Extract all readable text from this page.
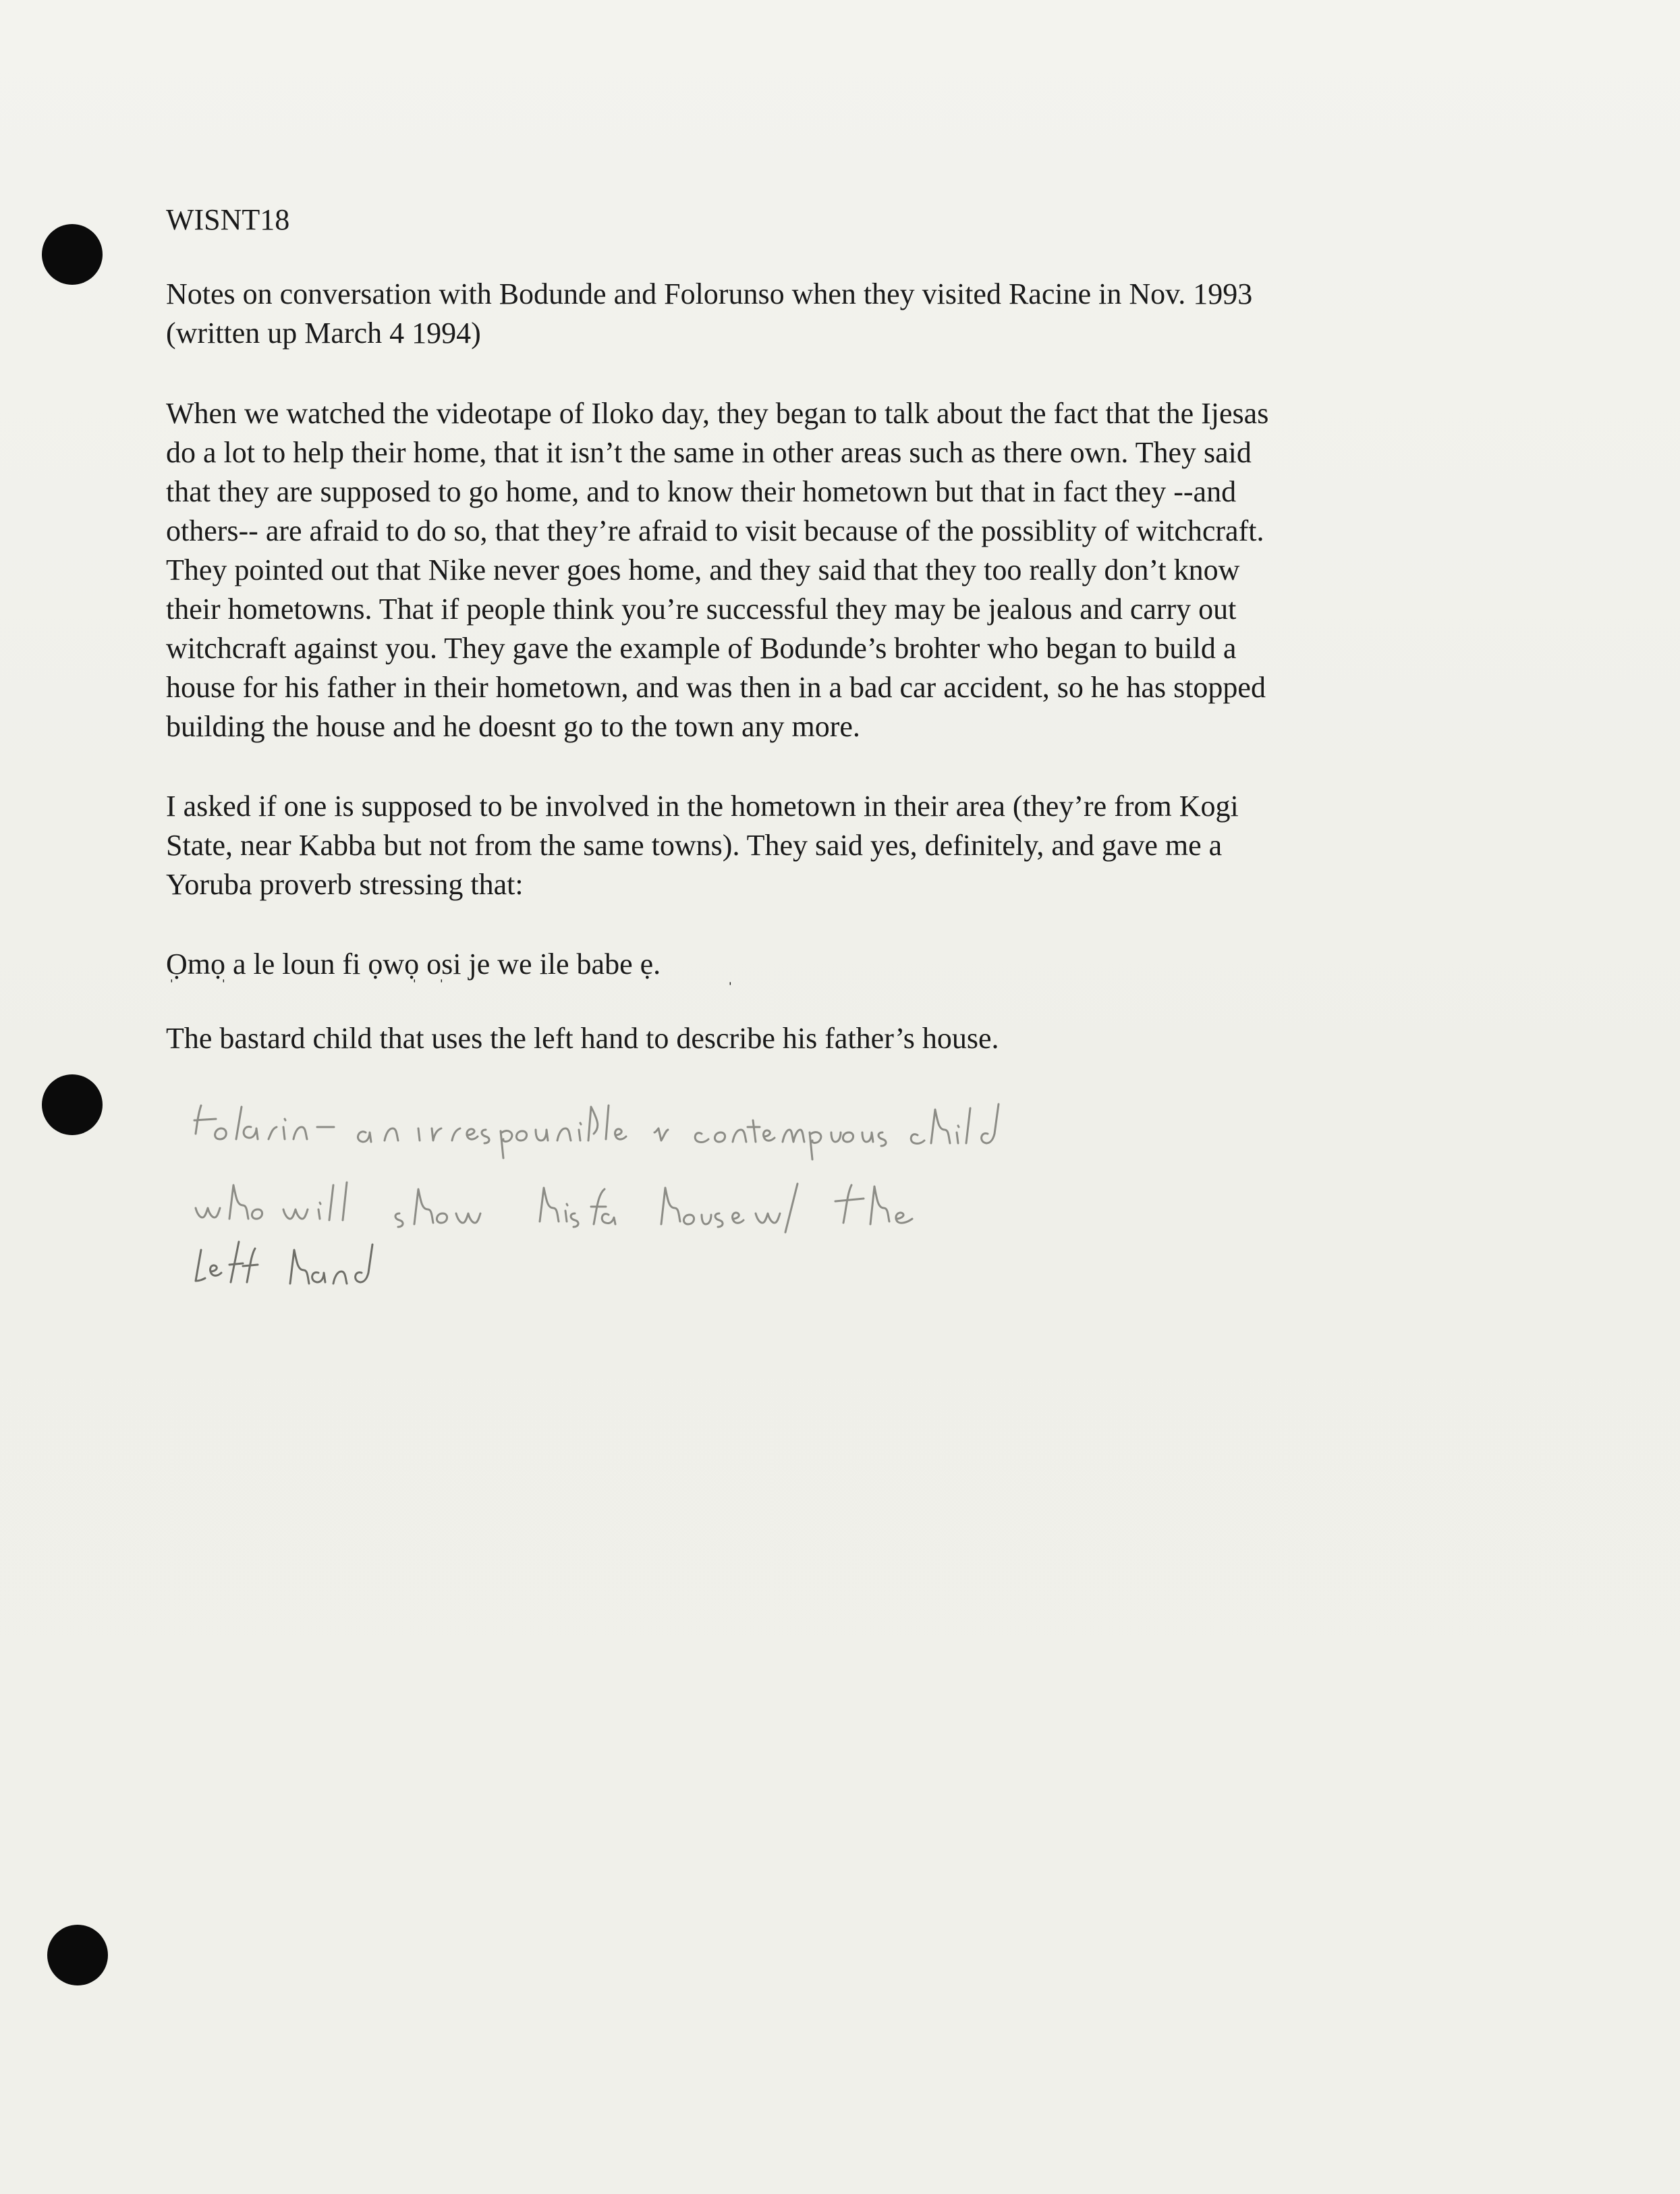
WISNT18
Notes on conversation with Bodunde and Folorunso when they visited Racine in Nov. 1993
(written up March 4 1994)
When we watched the videotape of Iloko day, they began to talk about the fact that the Ijesas
do a lot to help their home, that it isn’t the same in other areas such as there own. They said
that they are supposed to go home, and to know their hometown but that in fact they --and
others-- are afraid to do so, that they’re afraid to visit because of the possiblity of witchcraft.
They pointed out that Nike never goes home, and they said that they too really don’t know
their hometowns. That if people think you’re successful they may be jealous and carry out
witchcraft against you. They gave the example of Bodunde’s brohter who began to build a
house for his father in their hometown, and was then in a bad car accident, so he has stopped
building the house and he doesnt go to the town any more.
I asked if one is supposed to be involved in the hometown in their area (they’re from Kogi
State, near Kabba but not from the same towns). They said yes, definitely, and gave me a
Yoruba proverb stressing that:
Ọmọ a le loun fi ọwọ osi je we ile babe ẹ.
ˈ	ˈ	ˈ ˈ	ˈ
The bastard child that uses the left hand to describe his father’s house.
